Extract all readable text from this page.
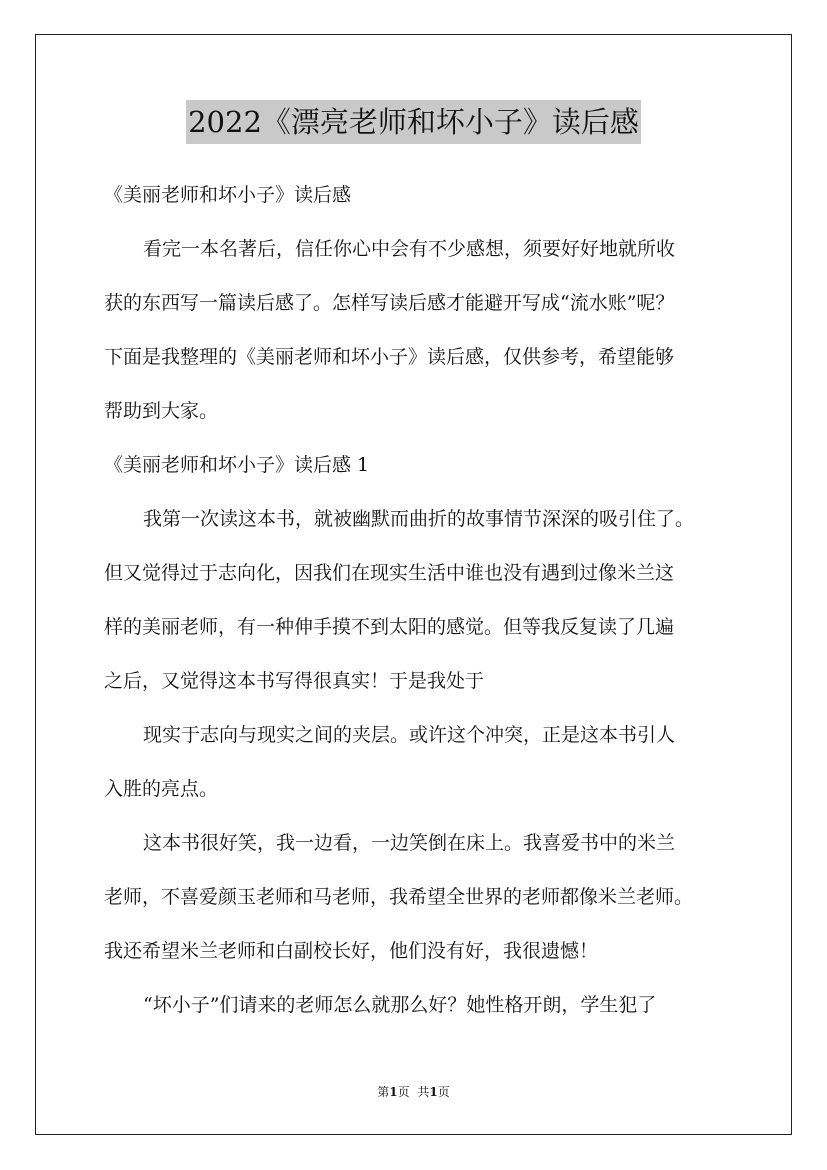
2022《漂亮老师和坏小子》读后感
《美丽老师和坏小子》读后感
看完一本名著后，信任你心中会有不少感想，须要好好地就所收
获的东西写一篇读后感了。怎样写读后感才能避开写成“流水账”呢？
下面是我整理的《美丽老师和坏小子》读后感，仅供参考，希望能够
帮助到大家。
《美丽老师和坏小子》读后感 1
我第一次读这本书，就被幽默而曲折的故事情节深深的吸引住了。
但又觉得过于志向化，因我们在现实生活中谁也没有遇到过像米兰这
样的美丽老师，有一种伸手摸不到太阳的感觉。但等我反复读了几遍
之后，又觉得这本书写得很真实！于是我处于
现实于志向与现实之间的夹层。或许这个冲突，正是这本书引人
入胜的亮点。
这本书很好笑，我一边看，一边笑倒在床上。我喜爱书中的米兰
老师，不喜爱颜玉老师和马老师，我希望全世界的老师都像米兰老师。
我还希望米兰老师和白副校长好，他们没有好，我很遗憾！
“坏小子”们请来的老师怎么就那么好？她性格开朗，学生犯了
第1页 共1页
